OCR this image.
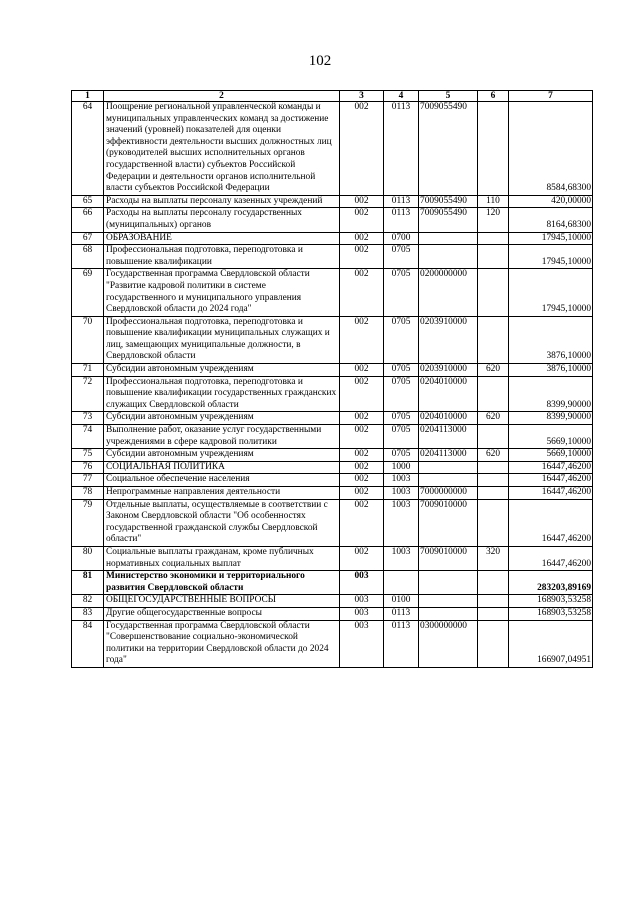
102
1	2	3	4	5	6	7
64	Поощрение региональной управленческой команды и муниципальных управленческих команд за достижение значений (уровней) показателей для оценки эффективности деятельности высших должностных лиц (руководителей высших исполнительных органов государственной власти) субъектов Российской Федерации и деятельности органов исполнительной власти субъектов Российской Федерации	002	0113	7009055490		8584,68300
65	Расходы на выплаты персоналу казенных учреждений	002	0113	7009055490	110	420,00000
66	Расходы на выплаты персоналу государственных (муниципальных) органов	002	0113	7009055490	120	8164,68300
67	ОБРАЗОВАНИЕ	002	0700			17945,10000
68	Профессиональная подготовка, переподготовка и повышение квалификации	002	0705			17945,10000
69	Государственная программа Свердловской области "Развитие кадровой политики в системе государственного и муниципального управления Свердловской области до 2024 года"	002	0705	0200000000		17945,10000
70	Профессиональная подготовка, переподготовка и повышение квалификации муниципальных служащих и лиц, замещающих муниципальные должности, в Свердловской области	002	0705	0203910000		3876,10000
71	Субсидии автономным учреждениям	002	0705	0203910000	620	3876,10000
72	Профессиональная подготовка, переподготовка и повышение квалификации государственных гражданских служащих Свердловской области	002	0705	0204010000		8399,90000
73	Субсидии автономным учреждениям	002	0705	0204010000	620	8399,90000
74	Выполнение работ, оказание услуг государственными учреждениями в сфере кадровой политики	002	0705	0204113000		5669,10000
75	Субсидии автономным учреждениям	002	0705	0204113000	620	5669,10000
76	СОЦИАЛЬНАЯ ПОЛИТИКА	002	1000			16447,46200
77	Социальное обеспечение населения	002	1003			16447,46200
78	Непрограммные направления деятельности	002	1003	7000000000		16447,46200
79	Отдельные выплаты, осуществляемые в соответствии с Законом Свердловской области "Об особенностях государственной гражданской службы Свердловской области"	002	1003	7009010000		16447,46200
80	Социальные выплаты гражданам, кроме публичных нормативных социальных выплат	002	1003	7009010000	320	16447,46200
81	Министерство экономики и территориального развития Свердловской области	003				283203,89169
82	ОБЩЕГОСУДАРСТВЕННЫЕ ВОПРОСЫ	003	0100			168903,53258
83	Другие общегосударственные вопросы	003	0113			168903,53258
84	Государственная программа Свердловской области "Совершенствование социально-экономической политики на территории Свердловской области до 2024 года"	003	0113	0300000000		166907,04951
